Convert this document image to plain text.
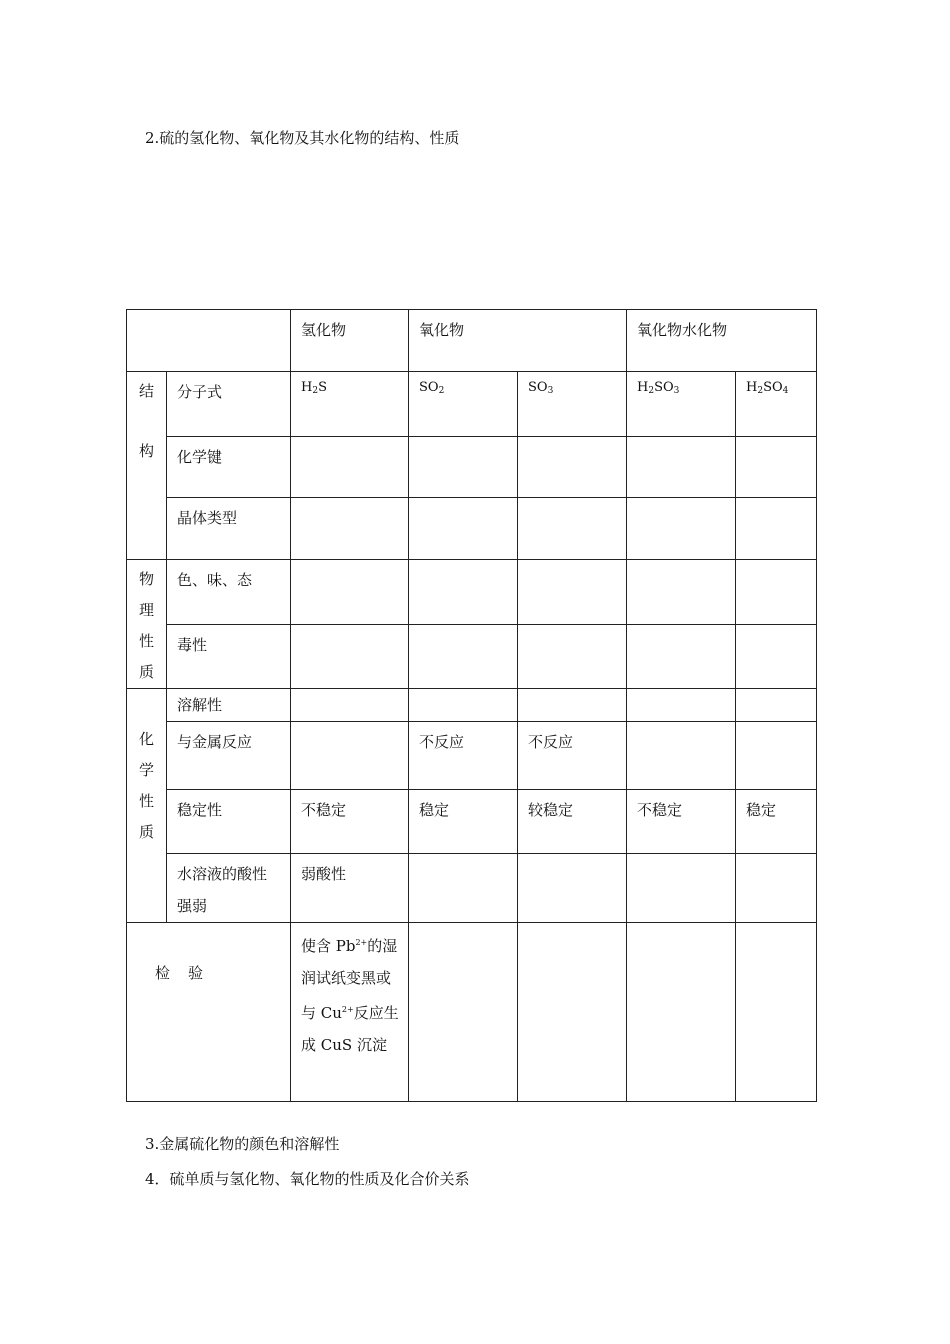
2.硫的氢化物、氧化物及其水化物的结构、性质

		氢化物	氧化物		氧化物水化物	

结
构	分子式	$H_2S$	$SO_2$	$SO_3$	$H_2SO_3$	$H_2SO_4$

	化学键					

	晶体类型					

物
理
性
质	色、味、态					

	毒性					

化
学
性
质	溶解性					

	与金属反应		不反应	不反应		

	稳定性	不稳定	稳定	较稳定	不稳定	稳定

	水溶液的酸性
强弱	弱酸性				

检 验		使含 $Pb^{2+}$的湿
润试纸变黑或
与 $Cu^{2+}$反应生
成 CuS 沉淀				

3.金属硫化物的颜色和溶解性
4．硫单质与氢化物、氧化物的性质及化合价关系
